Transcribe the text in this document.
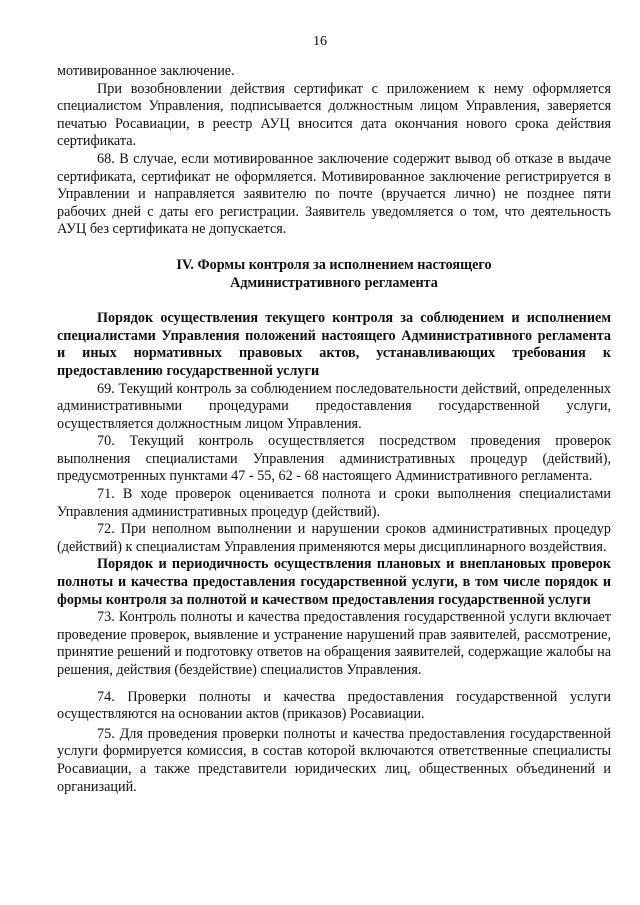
16

мотивированное заключение.

При возобновлении действия сертификат с приложением к нему оформляется специалистом Управления, подписывается должностным лицом Управления, заверяется печатью Росавиации, в реестр АУЦ вносится дата окончания нового срока действия сертификата.

68. В случае, если мотивированное заключение содержит вывод об отказе в выдаче сертификата, сертификат не оформляется. Мотивированное заключение регистрируется в Управлении и направляется заявителю по почте (вручается лично) не позднее пяти рабочих дней с даты его регистрации. Заявитель уведомляется о том, что деятельность АУЦ без сертификата не допускается.

IV. Формы контроля за исполнением настоящего

Административного регламента

Порядок осуществления текущего контроля за соблюдением и исполнением специалистами Управления положений настоящего Административного регламента и иных нормативных правовых актов, устанавливающих требования к предоставлению государственной услуги

69. Текущий контроль за соблюдением последовательности действий, определенных административными процедурами предоставления государственной услуги, осуществляется должностным лицом Управления.

70. Текущий контроль осуществляется посредством проведения проверок выполнения специалистами Управления административных процедур (действий), предусмотренных пунктами 47 - 55, 62 - 68 настоящего Административного регламента.

71. В ходе проверок оценивается полнота и сроки выполнения специалистами Управления административных процедур (действий).

72. При неполном выполнении и нарушении сроков административных процедур (действий) к специалистам Управления применяются меры дисциплинарного воздействия.

Порядок и периодичность осуществления плановых и внеплановых проверок полноты и качества предоставления государственной услуги, в том числе порядок и формы контроля за полнотой и качеством предоставления государственной услуги

73. Контроль полноты и качества предоставления государственной услуги включает проведение проверок, выявление и устранение нарушений прав заявителей, рассмотрение, принятие решений и подготовку ответов на обращения заявителей, содержащие жалобы на решения, действия (бездействие) специалистов Управления.

74. Проверки полноты и качества предоставления государственной услуги осуществляются на основании актов (приказов) Росавиации.

75. Для проведения проверки полноты и качества предоставления государственной услуги формируется комиссия, в состав которой включаются ответственные специалисты Росавиации, а также представители юридических лиц, общественных объединений и организаций.
